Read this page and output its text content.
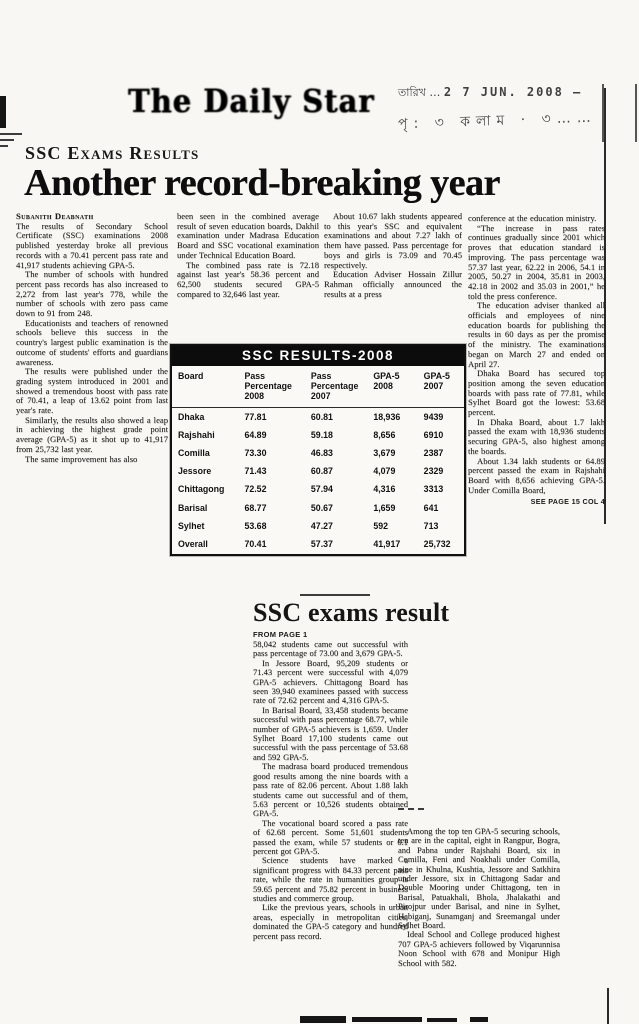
The Daily Star তারিখ … 2 7 JUN. 2008 —
পৃ: ৩ কলাম · ৩……
SSC Exams Results
Another record-breaking year

Subanith Deabnath

The results of Secondary School Certificate (SSC) examinations 2008 published yesterday broke all previous records with a 70.41 percent pass rate and 41,917 students achieving GPA-5.

The number of schools with hundred percent pass records has also increased to 2,272 from last year's 778, while the number of schools with zero pass came down to 91 from 248.

Educationists and teachers of renowned schools believe this success in the country's largest public examination is the outcome of students' efforts and guardians awareness.

The results were published under the grading system introduced in 2001 and showed a tremendous boost with pass rate of 70.41, a leap of 13.62 point from last year's rate.

Similarly, the results also showed a leap in achieving the highest grade point average (GPA-5) as it shot up to 41,917 from 25,732 last year.

The same improvement has also

been seen in the combined average result of seven education boards, Dakhil examination under Madrasa Education Board and SSC vocational examination under Technical Education Board.

The combined pass rate is 72.18 against last year's 58.36 percent and 62,500 students secured GPA-5 compared to 32,646 last year.

About 10.67 lakh students appeared to this year's SSC and equivalent examinations and about 7.27 lakh of them have passed. Pass percentage for boys and girls is 73.09 and 70.45 respectively.

Education Adviser Hossain Zillur Rahman officially announced the results at a press

conference at the education ministry.

“The increase in pass rates continues gradually since 2001 which proves that education standard is improving. The pass percentage was 57.37 last year, 62.22 in 2006, 54.1 in 2005, 50.27 in 2004, 35.81 in 2003, 42.18 in 2002 and 35.03 in 2001,” he told the press conference.

The education adviser thanked all officials and employees of nine education boards for publishing the results in 60 days as per the promise of the ministry. The examinations began on March 27 and ended on April 27.

Dhaka Board has secured top position among the seven education boards with pass rate of 77.81, while Sylhet Board got the lowest: 53.68 percent.

In Dhaka Board, about 1.7 lakh passed the exam with 18,936 students securing GPA-5, also highest among the boards.

About 1.34 lakh students or 64.89 percent passed the exam in Rajshahi Board with 8,656 achieving GPA-5. Under Comilla Board,

SEE PAGE 15 COL 4
SSC RESULTS-2008
Board	Pass Percentage 2008	Pass Percentage 2007	GPA-5 2008	GPA-5 2007
Dhaka	77.81	60.81	18,936	9439
Rajshahi	64.89	59.18	8,656	6910
Comilla	73.30	46.83	3,679	2387
Jessore	71.43	60.87	4,079	2329
Chittagong	72.52	57.94	4,316	3313
Barisal	68.77	50.67	1,659	641
Sylhet	53.68	47.27	592	713
Overall	70.41	57.37	41,917	25,732
SSC exams result
FROM PAGE 1

58,042 students came out successful with pass percentage of 73.00 and 3,679 GPA-5.

In Jessore Board, 95,209 students or 71.43 percent were successful with 4,079 GPA-5 achievers. Chittagong Board has seen 39,940 examinees passed with success rate of 72.62 percent and 4,316 GPA-5.

In Barisal Board, 33,458 students became successful with pass percentage 68.77, while number of GPA-5 achievers is 1,659. Under Sylhet Board 17,100 students came out successful with the pass percentage of 53.68 and 592 GPA-5.

The madrasa board produced tremendous good results among the nine boards with a pass rate of 82.06 percent. About 1.88 lakh students came out successful and of them, 5.63 percent or 10,526 students obtained GPA-5.

The vocational board scored a pass rate of 62.68 percent. Some 51,601 students passed the exam, while 57 students or 0.1 percent got GPA-5.

Science students have marked a significant progress with 84.33 percent pass rate, while the rate in humanities group is 59.65 percent and 75.82 percent in business studies and commerce group.

Like the previous years, schools in urban areas, especially in metropolitan cities, dominated the GPA-5 category and hundred percent pass record.

Among the top ten GPA-5 securing schools, ten are in the capital, eight in Rangpur, Bogra, and Pabna under Rajshahi Board, six in Comilla, Feni and Noakhali under Comilla, nine in Khulna, Kushtia, Jessore and Satkhira under Jessore, six in Chittagong Sadar and Double Mooring under Chittagong, ten in Barisal, Patuakhali, Bhola, Jhalakathi and Pirojpur under Barisal, and nine in Sylhet, Habiganj, Sunamganj and Sreemangal under Sylhet Board.

Ideal School and College produced highest 707 GPA-5 achievers followed by Viqarunnisa Noon School with 678 and Monipur High School with 582.
